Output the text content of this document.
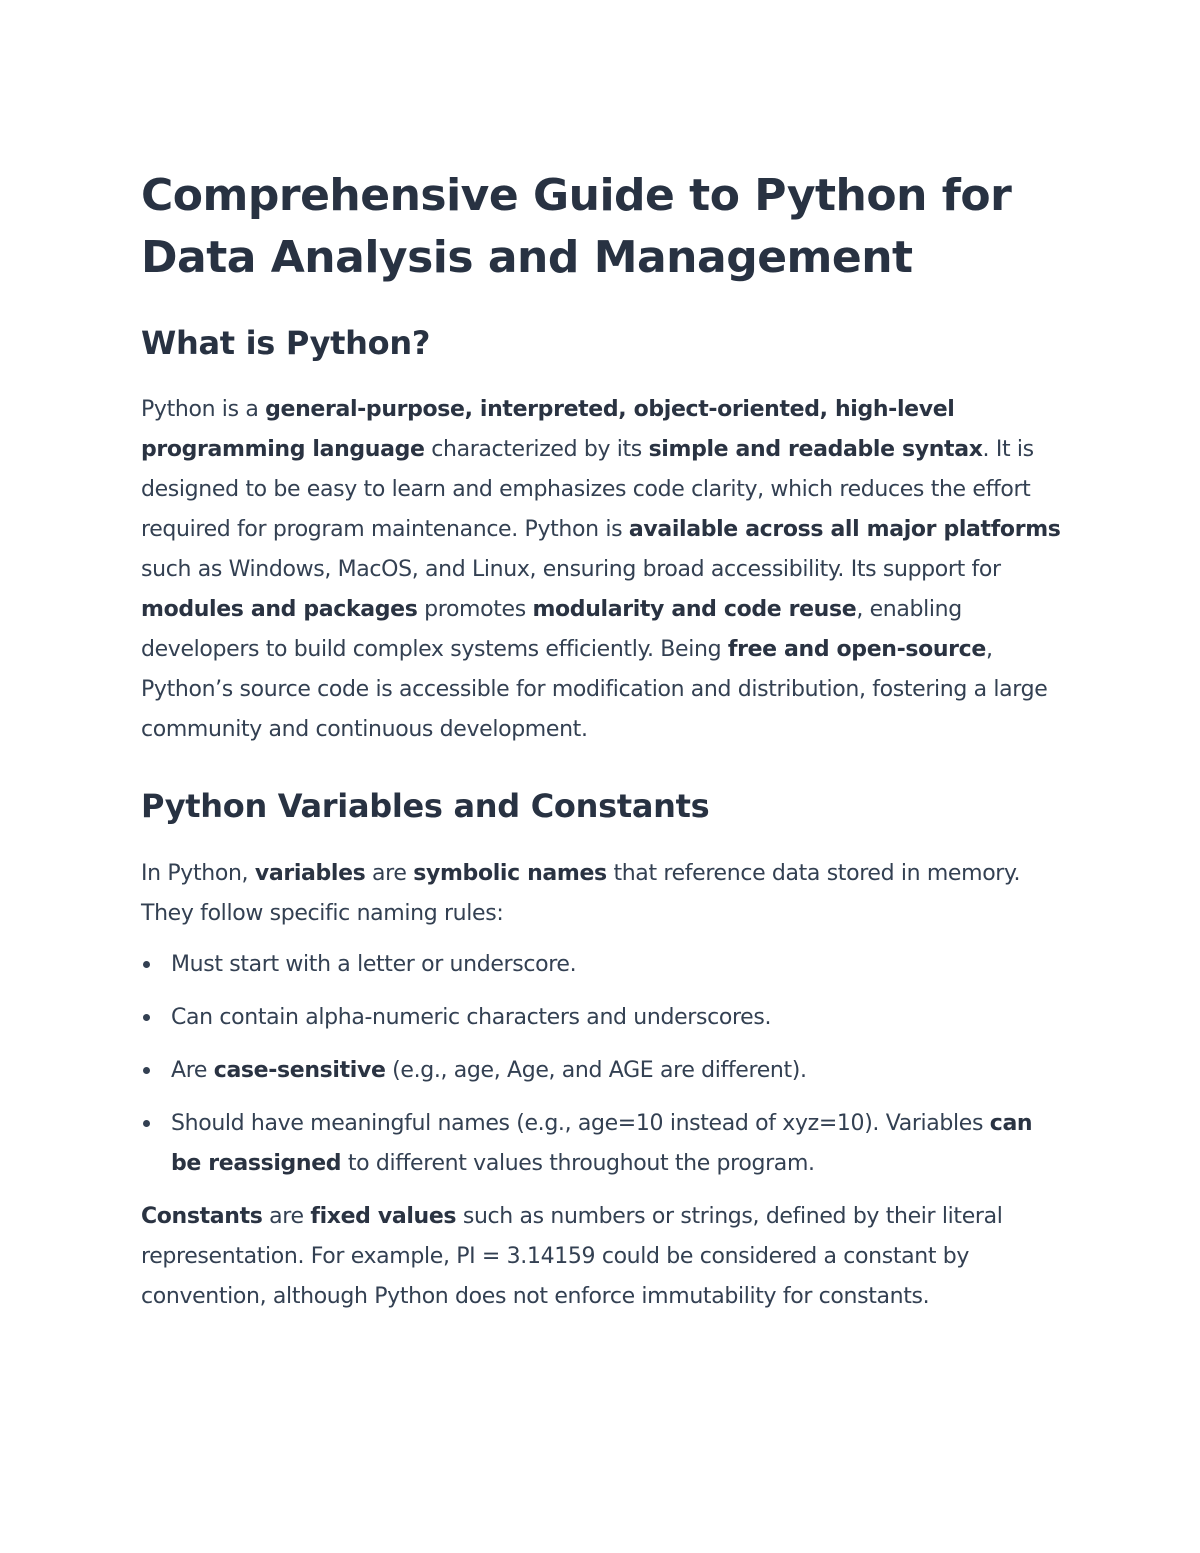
Comprehensive Guide to Python for Data Analysis and Management
What is Python?

Python is a general-purpose, interpreted, object-oriented, high-level programming language characterized by its simple and readable syntax. It is designed to be easy to learn and emphasizes code clarity, which reduces the effort required for program maintenance. Python is available across all major platforms such as Windows, MacOS, and Linux, ensuring broad accessibility. Its support for modules and packages promotes modularity and code reuse, enabling developers to build complex systems efficiently. Being free and open-source, Python’s source code is accessible for modification and distribution, fostering a large community and continuous development.

Python Variables and Constants

In Python, variables are symbolic names that reference data stored in memory. They follow specific naming rules:

Must start with a letter or underscore.
Can contain alpha-numeric characters and underscores.
Are case-sensitive (e.g., age, Age, and AGE are different).
Should have meaningful names (e.g., age=10 instead of xyz=10). Variables can be reassigned to different values throughout the program.

Constants are fixed values such as numbers or strings, defined by their literal representation. For example, PI = 3.14159 could be considered a constant by convention, although Python does not enforce immutability for constants.
